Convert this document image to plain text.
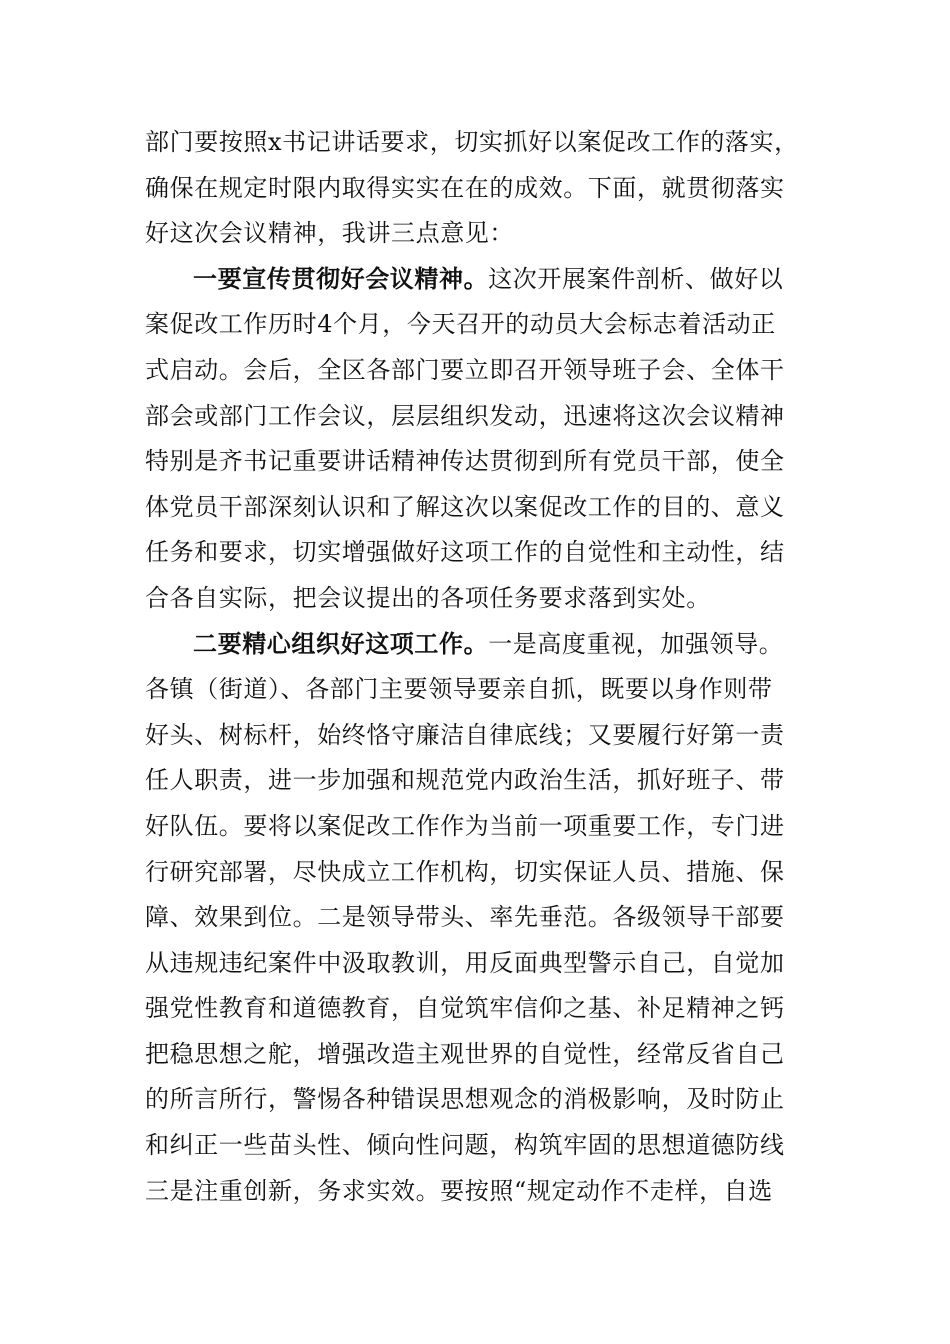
部门要按照x书记讲话要求，切实抓好以案促改工作的落实，
确保在规定时限内取得实实在在的成效。下面，就贯彻落实
好这次会议精神，我讲三点意见：
一要宣传贯彻好会议精神。这次开展案件剖析、做好以
案促改工作历时4个月，今天召开的动员大会标志着活动正
式启动。会后，全区各部门要立即召开领导班子会、全体干
部会或部门工作会议，层层组织发动，迅速将这次会议精神
特别是齐书记重要讲话精神传达贯彻到所有党员干部，使全
体党员干部深刻认识和了解这次以案促改工作的目的、意义
任务和要求，切实增强做好这项工作的自觉性和主动性，结
合各自实际，把会议提出的各项任务要求落到实处。
二要精心组织好这项工作。一是高度重视，加强领导。
各镇（街道）、各部门主要领导要亲自抓，既要以身作则带
好头、树标杆，始终恪守廉洁自律底线；又要履行好第一责
任人职责，进一步加强和规范党内政治生活，抓好班子、带
好队伍。要将以案促改工作作为当前一项重要工作，专门进
行研究部署，尽快成立工作机构，切实保证人员、措施、保
障、效果到位。二是领导带头、率先垂范。各级领导干部要
从违规违纪案件中汲取教训，用反面典型警示自己，自觉加
强党性教育和道德教育，自觉筑牢信仰之基、补足精神之钙
把稳思想之舵，增强改造主观世界的自觉性，经常反省自己
的所言所行，警惕各种错误思想观念的消极影响，及时防止
和纠正一些苗头性、倾向性问题，构筑牢固的思想道德防线
三是注重创新，务求实效。要按照“规定动作不走样，自选
